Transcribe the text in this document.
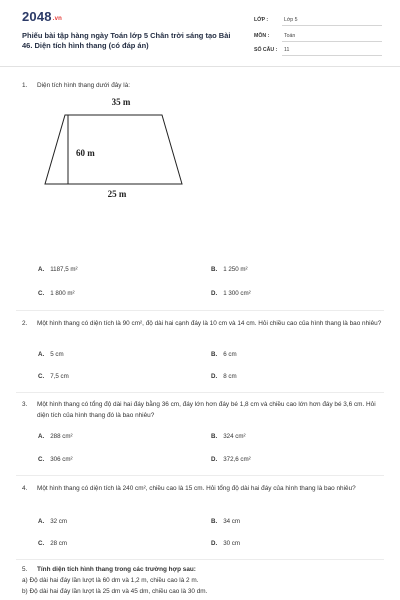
2048.vn
Phiếu bài tập hàng ngày Toán lớp 5 Chân trời sáng tạo Bài 46. Diện tích hình thang (có đáp án)
LỚP :	Lớp 5
MÔN :	Toán
SỐ CÂU : 11
1. Diện tích hình thang dưới đây là:
35 m
60 m
25 m
A. 1187,5 m²	B. 1 250 m²
C. 1 800 m²	D. 1 300 cm²
2. Một hình thang có diện tích là 90 cm², độ dài hai cạnh đáy là 10 cm và 14 cm. Hỏi chiều cao của hình thang là bao nhiêu?
A. 5 cm	B. 6 cm
C. 7,5 cm	D. 8 cm
3. Một hình thang có tổng độ dài hai đáy bằng 36 cm, đáy lớn hơn đáy bé 1,8 cm và chiều cao lớn hơn đáy bé 3,6 cm. Hỏi diện tích của hình thang đó là bao nhiêu?
A. 288 cm²	B. 324 cm²
C. 306 cm²	D. 372,6 cm²
4. Một hình thang có diện tích là 240 cm², chiều cao là 15 cm. Hỏi tổng độ dài hai đáy của hình thang là bao nhiêu?
A. 32 cm	B. 34 cm
C. 28 cm	D. 30 cm
5. Tính diện tích hình thang trong các trường hợp sau:
a) Độ dài hai đáy lần lượt là 60 dm và 1,2 m, chiều cao là 2 m.
b) Độ dài hai đáy lần lượt là 25 dm và 45 dm, chiều cao là 30 dm.
